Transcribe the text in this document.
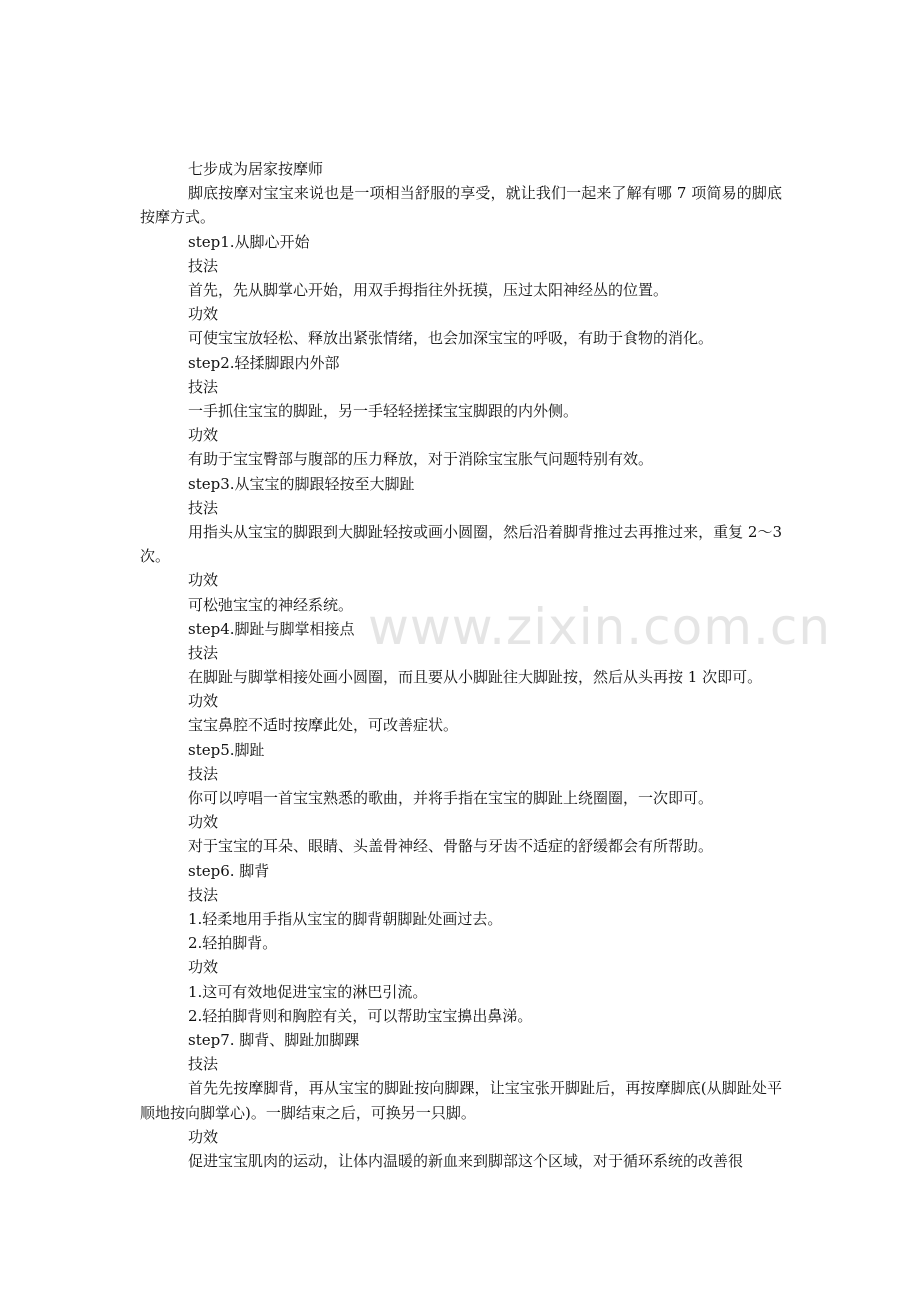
七步成为居家按摩师

脚底按摩对宝宝来说也是一项相当舒服的享受，就让我们一起来了解有哪 7 项简易的脚底按摩方式。

step1.从脚心开始
技法

首先，先从脚掌心开始，用双手拇指往外抚摸，压过太阳神经丛的位置。

功效

可使宝宝放轻松、释放出紧张情绪，也会加深宝宝的呼吸，有助于食物的消化。

step2.轻揉脚跟内外部
技法

一手抓住宝宝的脚趾，另一手轻轻搓揉宝宝脚跟的内外侧。

功效

有助于宝宝臀部与腹部的压力释放，对于消除宝宝胀气问题特别有效。

step3.从宝宝的脚跟轻按至大脚趾
技法

用指头从宝宝的脚跟到大脚趾轻按或画小圆圈，然后沿着脚背推过去再推过来，重复 2～3 次。

功效

可松弛宝宝的神经系统。

step4.脚趾与脚掌相接点
技法

在脚趾与脚掌相接处画小圆圈，而且要从小脚趾往大脚趾按，然后从头再按 1 次即可。

功效

宝宝鼻腔不适时按摩此处，可改善症状。

step5.脚趾
技法

你可以哼唱一首宝宝熟悉的歌曲，并将手指在宝宝的脚趾上绕圈圈，一次即可。

功效

对于宝宝的耳朵、眼睛、头盖骨神经、骨骼与牙齿不适症的舒缓都会有所帮助。

step6. 脚背
技法
1.轻柔地用手指从宝宝的脚背朝脚趾处画过去。
2.轻拍脚背。
功效
1.这可有效地促进宝宝的淋巴引流。
2.轻拍脚背则和胸腔有关，可以帮助宝宝擤出鼻涕。
step7. 脚背、脚趾加脚踝
技法

首先先按摩脚背，再从宝宝的脚趾按向脚踝，让宝宝张开脚趾后，再按摩脚底(从脚趾处平顺地按向脚掌心)。一脚结束之后，可换另一只脚。

功效

促进宝宝肌肉的运动，让体内温暖的新血来到脚部这个区域，对于循环系统的改善很

www.zixin.com.cn
